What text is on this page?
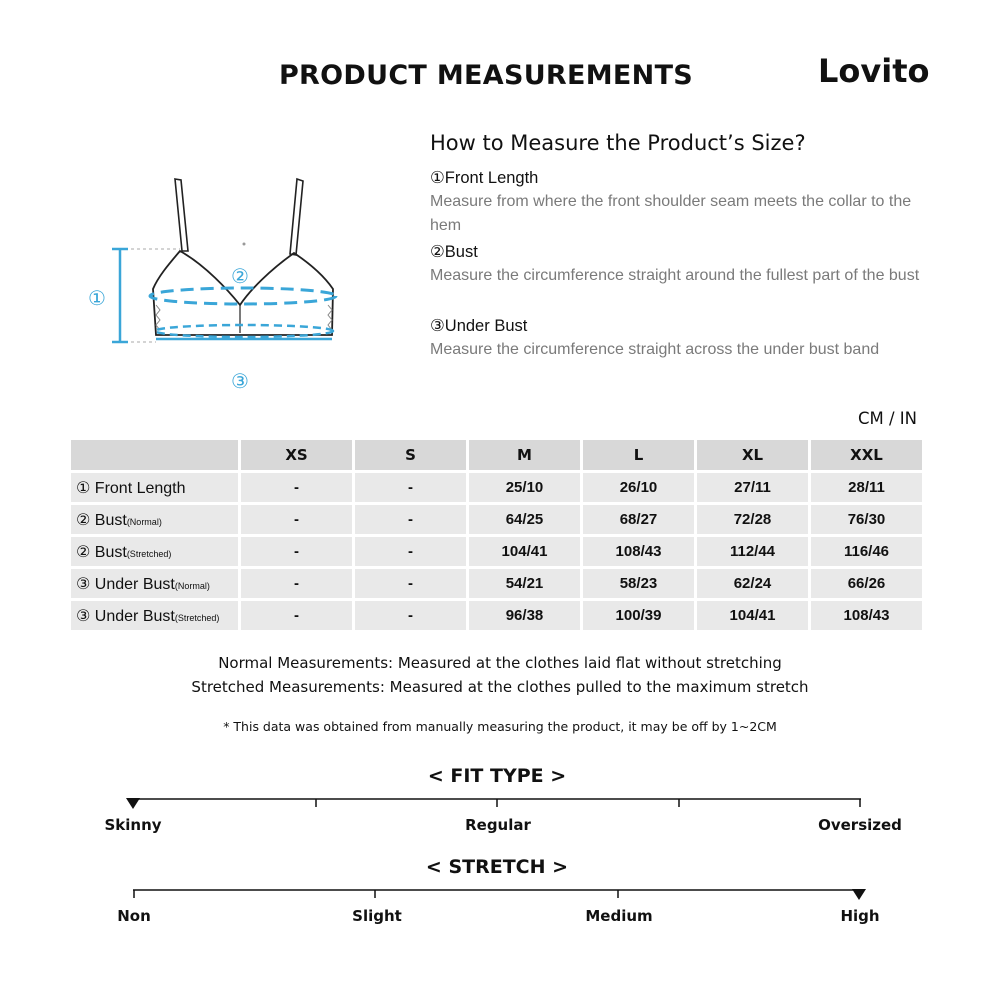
PRODUCT MEASUREMENTS	Lovito
①
②
③
How to Measure the Product’s Size?
①Front Length
Measure from where the front shoulder seam meets the collar to the hem
②Bust
Measure the circumference straight around the fullest part of the bust
③Under Bust
Measure the circumference straight across the under bust band
CM / IN
	XS	S	M	L	XL	XXL
① Front Length	-	-	25/10	26/10	27/11	28/11
② Bust(Normal)	-	-	64/25	68/27	72/28	76/30
② Bust(Stretched)	-	-	104/41	108/43	112/44	116/46
③ Under Bust(Normal)	-	-	54/21	58/23	62/24	66/26
③ Under Bust(Stretched)	-	-	96/38	100/39	104/41	108/43
Normal Measurements: Measured at the clothes laid flat without stretching
Stretched Measurements: Measured at the clothes pulled to the maximum stretch
* This data was obtained from manually measuring the product, it may be off by 1~2CM
< FIT TYPE >
Skinny	Regular	Oversized
< STRETCH >
Non	Slight	Medium	High
